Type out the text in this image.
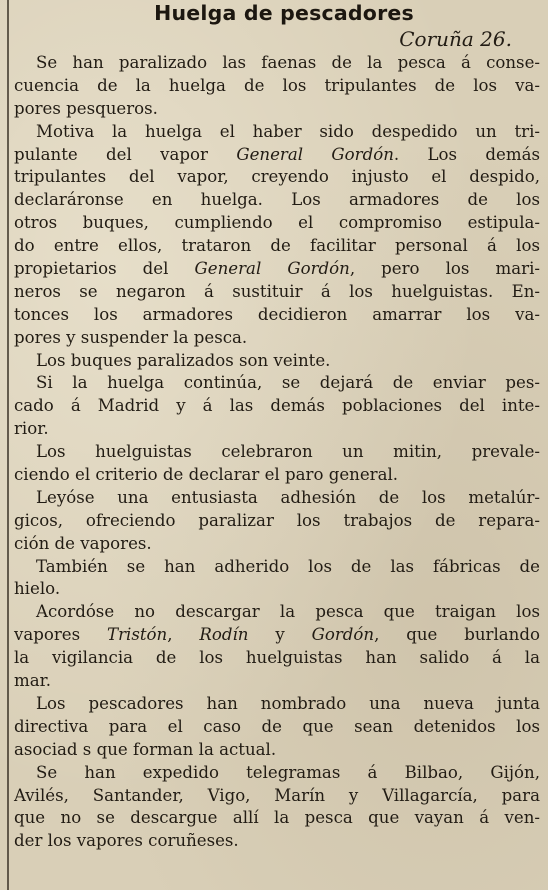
Huelga de pescadores
Coruña 26.
Se han paralizado las faenas de la pesca á conse-
cuencia de la huelga de los tripulantes de los va-
pores pesqueros.
Motiva la huelga el haber sido despedido un tri-
pulante del vapor General Gordón. Los demás
tripulantes del vapor, creyendo injusto el despido,
declaráronse en huelga. Los armadores de los
otros buques, cumpliendo el compromiso estipula-
do entre ellos, trataron de facilitar personal á los
propietarios del General Gordón, pero los mari-
neros se negaron á sustituir á los huelguistas. En-
tonces los armadores decidieron amarrar los va-
pores y suspender la pesca.
Los buques paralizados son veinte.
Si la huelga continúa, se dejará de enviar pes-
cado á Madrid y á las demás poblaciones del inte-
rior.
Los huelguistas celebraron un mitin, prevale-
ciendo el criterio de declarar el paro general.
Leyóse una entusiasta adhesión de los metalúr-
gicos, ofreciendo paralizar los trabajos de repara-
ción de vapores.
También se han adherido los de las fábricas de
hielo.
Acordóse no descargar la pesca que traigan los
vapores Tristón, Rodín y Gordón, que burlando
la vigilancia de los huelguistas han salido á la
mar.
Los pescadores han nombrado una nueva junta
directiva para el caso de que sean detenidos los
asociad s que forman la actual.
Se han expedido telegramas á Bilbao, Gijón,
Avilés, Santander, Vigo, Marín y Villagarcía, para
que no se descargue allí la pesca que vayan á ven-
der los vapores coruñeses.
